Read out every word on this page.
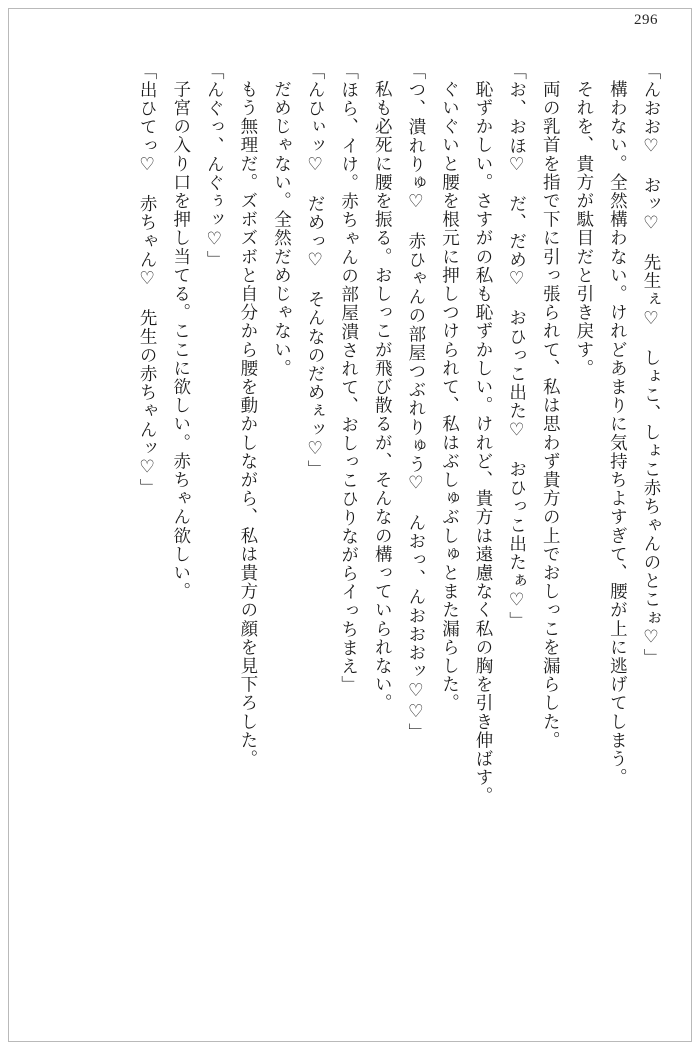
296

「んおお♡　おッ♡　先生ぇ♡　しょこ、しょこ赤ちゃんのとこぉ♡」

構わない。全然構わない。けれどあまりに気持ちよすぎて、腰が上に逃げてしまう。

それを、貴方が駄目だと引き戻す。

両の乳首を指で下に引っ張られて、私は思わず貴方の上でおしっこを漏らした。

「お、おほ♡　だ、だめ♡　おひっこ出た♡　おひっこ出たぁ♡」

恥ずかしい。さすがの私も恥ずかしい。けれど、貴方は遠慮なく私の胸を引き伸ばす。

ぐいぐいと腰を根元に押しつけられて、私はぶしゅぶしゅとまた漏らした。

「つ、潰れりゅ♡　赤ひゃんの部屋つぶれりゅう♡　んおっ、んおおおッ♡♡」

私も必死に腰を振る。おしっこが飛び散るが、そんなの構っていられない。

「ほら、イけ。赤ちゃんの部屋潰されて、おしっこひりながらイっちまえ」

「んひぃッ♡　だめっ♡　そんなのだめぇッ♡」

だめじゃない。全然だめじゃない。

もう無理だ。ズボズボと自分から腰を動かしながら、私は貴方の顔を見下ろした。

「んぐっ、んぐぅッ♡」

子宮の入り口を押し当てる。ここに欲しい。赤ちゃん欲しい。

「出ひてっ♡　赤ちゃん♡　先生の赤ちゃんッ♡」
